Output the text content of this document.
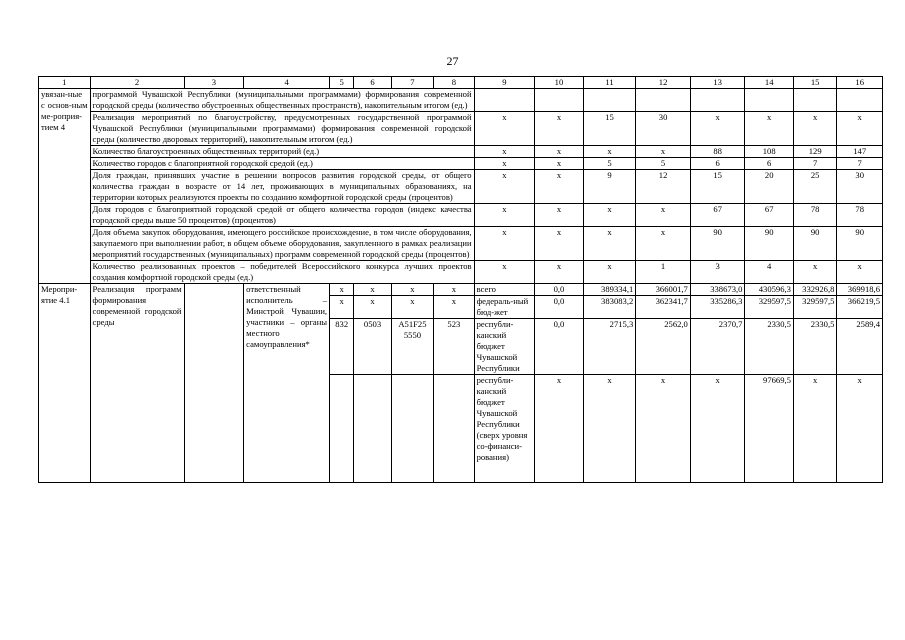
27
1	2	3	4	5	6	7	8	9	10	11	12	13	14	15	16
увязан-ные с основ-ным ме-роприя-тием 4	программой Чувашской Республики (муниципальными программами) формирования современной городской среды (количество обустроенных общественных пространств), накопительным итогом (ед.)														
	Реализация мероприятий по благоустройству, предусмотренных государственной программой Чувашской Республики (муниципальными программами) формирования современной городской среды (количество дворовых территорий), накопительным итогом (ед.)							x	x	15	30	x	x	x	x
	Количество благоустроенных общественных территорий (ед.)							x	x	x	x	88	108	129	147
	Количество городов с благоприятной городской средой (ед.)							x	x	5	5	6	6	7	7
	Доля граждан, принявших участие в решении вопросов развития городской среды, от общего количества граждан в возрасте от 14 лет, проживающих в муниципальных образованиях, на территории которых реализуются проекты по созданию комфортной городской среды (процентов)							x	x	9	12	15	20	25	30
	Доля городов с благоприятной городской средой от общего количества городов (индекс качества городской среды выше 50 процентов) (процентов)							x	x	x	x	67	67	78	78
	Доля объема закупок оборудования, имеющего российское происхождение, в том числе оборудования, закупаемого при выполнении работ, в общем объеме оборудования, закупленного в рамках реализации мероприятий государственных (муниципальных) программ современной городской среды (процентов)							x	x	x	x	90	90	90	90
	Количество реализованных проектов – победителей Всероссийского конкурса лучших проектов создания комфортной городской среды (ед.)							x	x	x	1	3	4	x	x
Меропри-ятие 4.1	Реализация программ формирования современной городской среды		ответственный исполнитель – Минстрой Чувашии, участники – органы местного самоуправления*	x	x	x	x	всего	0,0	389334,1	366001,7	338673,0	430596,3	332926,8	369918,6
				x	x	x	x	федераль-ный бюд-жет	0,0	383083,2	362341,7	335286,3	329597,5	329597,5	366219,5
				832	0503	A51F25 5550	523	республи-канский бюджет Чувашской Республики	0,0	2715,3	2562,0	2370,7	2330,5	2330,5	2589,4
								республи-канский бюджет Чувашской Республики (сверх уровня со-финанси-рования)	x	x	x	x	97669,5	x	x
